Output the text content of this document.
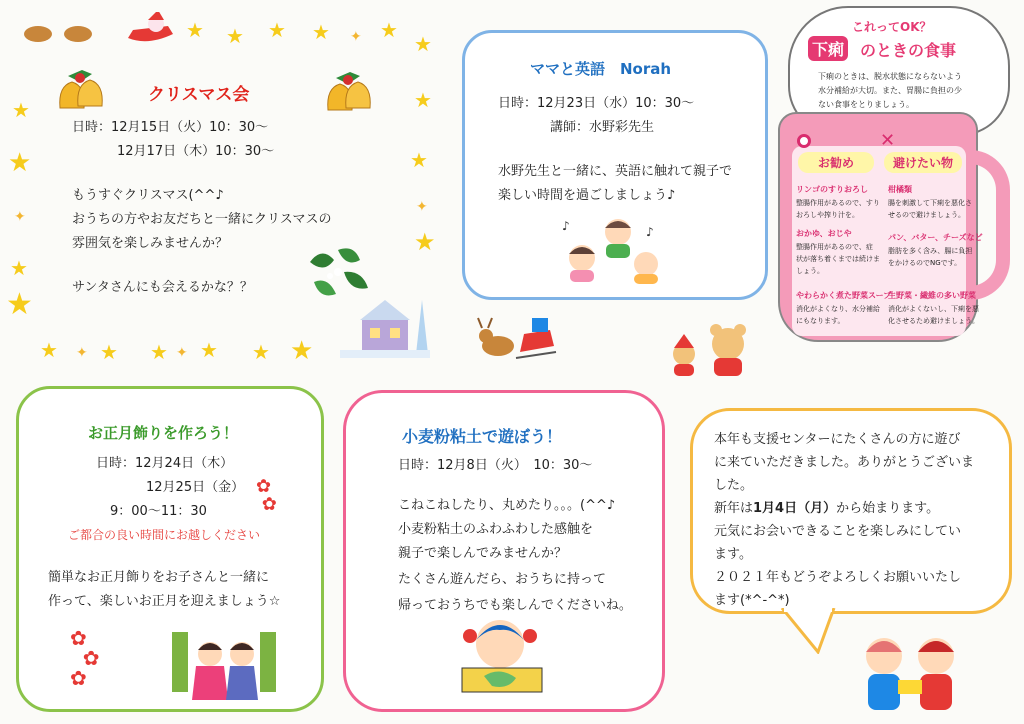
★ ★ ★ ★	★
★
✦
★
★
✦
★
★
★
✦
★
★
★ ★ ★ ★ ★ ★
✦	✦
クリスマス会
日時：12月15日（火）10：30～
12月17日（木）10：30～
もうすぐクリスマス(^^♪
おうちの方やお友だちと一緒にクリスマスの
雰囲気を楽しみませんか？
サンタさんにも会えるかな？？
ママと英語　Norah
日時：12月23日（水）10：30～
講師：水野彩先生
水野先生と一緒に、英語に触れて親子で
楽しい時間を過ごしましょう♪
♪	♪
これってOK？
下痢 のときの食事
下痢のときは、脱水状態にならないよう
水分補給が大切。また、胃腸に負担の少
ない食事をとりましょう。
✕
お勧め	避けたい物
リンゴのすりおろし
整腸作用があるので、すり
おろしや搾り汁を。
おかゆ、おじや
整腸作用があるので、症
状が落ち着くまでは続けま
しょう。
やわらかく煮た野菜スープ
消化がよくなり、水分補給
にもなります。
柑橘類
腸を刺激して下痢を悪化さ
せるので避けましょう。
パン、バター、チーズなど
脂肪を多く含み、腸に負担
をかけるのでNGです。
生野菜・繊維の多い野菜
消化がよくないし、下痢を悪
化させるため避けましょう。
お正月飾りを作ろう！
日時：12月24日（木）
12月25日（金）
9：00～11：30
ご都合の良い時間にお越しください
簡単なお正月飾りをお子さんと一緒に
作って、楽しいお正月を迎えましょう☆
✿
✿
✿
✿
✿
小麦粉粘土で遊ぼう！
日時：12月8日（火）　10：30～
こねこねしたり、丸めたり。。。(^^♪
小麦粉粘土のふわふわした感触を
親子で楽しんでみませんか？
たくさん遊んだら、おうちに持って
帰っておうちでも楽しんでくださいね。
本年も支援センターにたくさんの方に遊び
に来ていただきました。ありがとうございま
した。
新年は1月4日（月）から始まります。
元気にお会いできることを楽しみにしてい
ます。
２０２１年もどうぞよろしくお願いいたし
ます(*^-^*)
